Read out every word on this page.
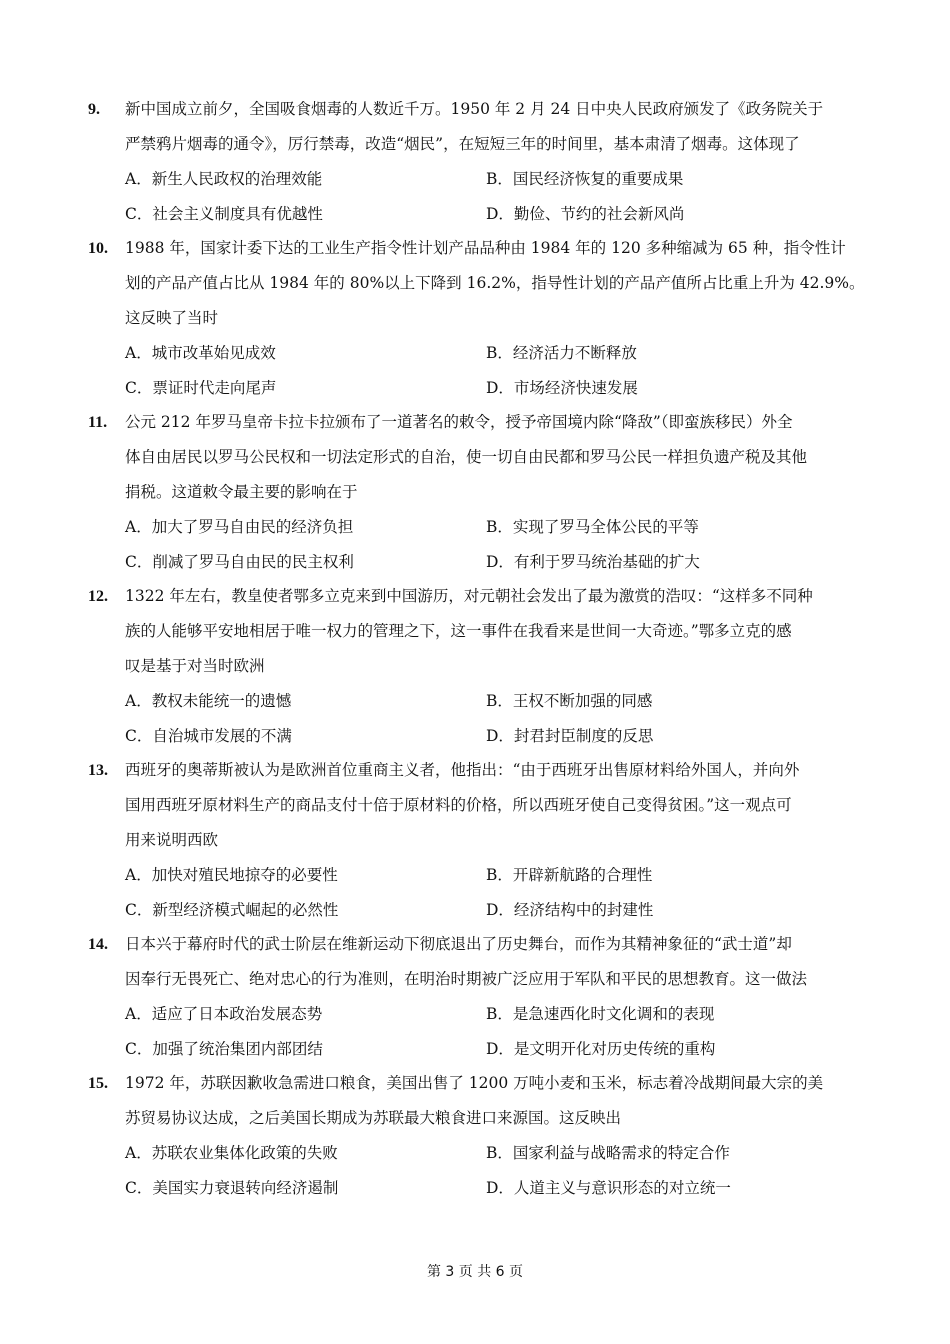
9. 新中国成立前夕，全国吸食烟毒的人数近千万。1950 年 2 月 24 日中央人民政府颁发了《政务院关于

严禁鸦片烟毒的通令》，厉行禁毒，改造“烟民”，在短短三年的时间里，基本肃清了烟毒。这体现了

A．新生人民政权的治理效能	B．国民经济恢复的重要成果
C．社会主义制度具有优越性	D．勤俭、节约的社会新风尚
10. 1988 年，国家计委下达的工业生产指令性计划产品品种由 1984 年的 120 多种缩减为 65 种，指令性计

划的产品产值占比从 1984 年的 80%以上下降到 16.2%，指导性计划的产品产值所占比重上升为 42.9%。

这反映了当时

A．城市改革始见成效	B．经济活力不断释放
C．票证时代走向尾声	D．市场经济快速发展
11. 公元 212 年罗马皇帝卡拉卡拉颁布了一道著名的敕令，授予帝国境内除“降敌”（即蛮族移民）外全

体自由居民以罗马公民权和一切法定形式的自治，使一切自由民都和罗马公民一样担负遗产税及其他

捐税。这道敕令最主要的影响在于

A．加大了罗马自由民的经济负担	B．实现了罗马全体公民的平等
C．削减了罗马自由民的民主权利	D．有利于罗马统治基础的扩大
12. 1322 年左右，教皇使者鄂多立克来到中国游历，对元朝社会发出了最为激赏的浩叹：“这样多不同种

族的人能够平安地相居于唯一权力的管理之下，这一事件在我看来是世间一大奇迹。”鄂多立克的感

叹是基于对当时欧洲

A．教权未能统一的遗憾	B．王权不断加强的同感
C．自治城市发展的不满	D．封君封臣制度的反思
13. 西班牙的奥蒂斯被认为是欧洲首位重商主义者，他指出：“由于西班牙出售原材料给外国人，并向外

国用西班牙原材料生产的商品支付十倍于原材料的价格，所以西班牙使自己变得贫困。”这一观点可

用来说明西欧

A．加快对殖民地掠夺的必要性	B．开辟新航路的合理性
C．新型经济模式崛起的必然性	D．经济结构中的封建性
14. 日本兴于幕府时代的武士阶层在维新运动下彻底退出了历史舞台，而作为其精神象征的“武士道”却

因奉行无畏死亡、绝对忠心的行为准则，在明治时期被广泛应用于军队和平民的思想教育。这一做法

A．适应了日本政治发展态势	B．是急速西化时文化调和的表现
C．加强了统治集团内部团结	D．是文明开化对历史传统的重构
15. 1972 年，苏联因歉收急需进口粮食，美国出售了 1200 万吨小麦和玉米，标志着冷战期间最大宗的美

苏贸易协议达成，之后美国长期成为苏联最大粮食进口来源国。这反映出

A．苏联农业集体化政策的失败	B．国家利益与战略需求的特定合作
C．美国实力衰退转向经济遏制	D．人道主义与意识形态的对立统一
第 3 页 共 6 页
